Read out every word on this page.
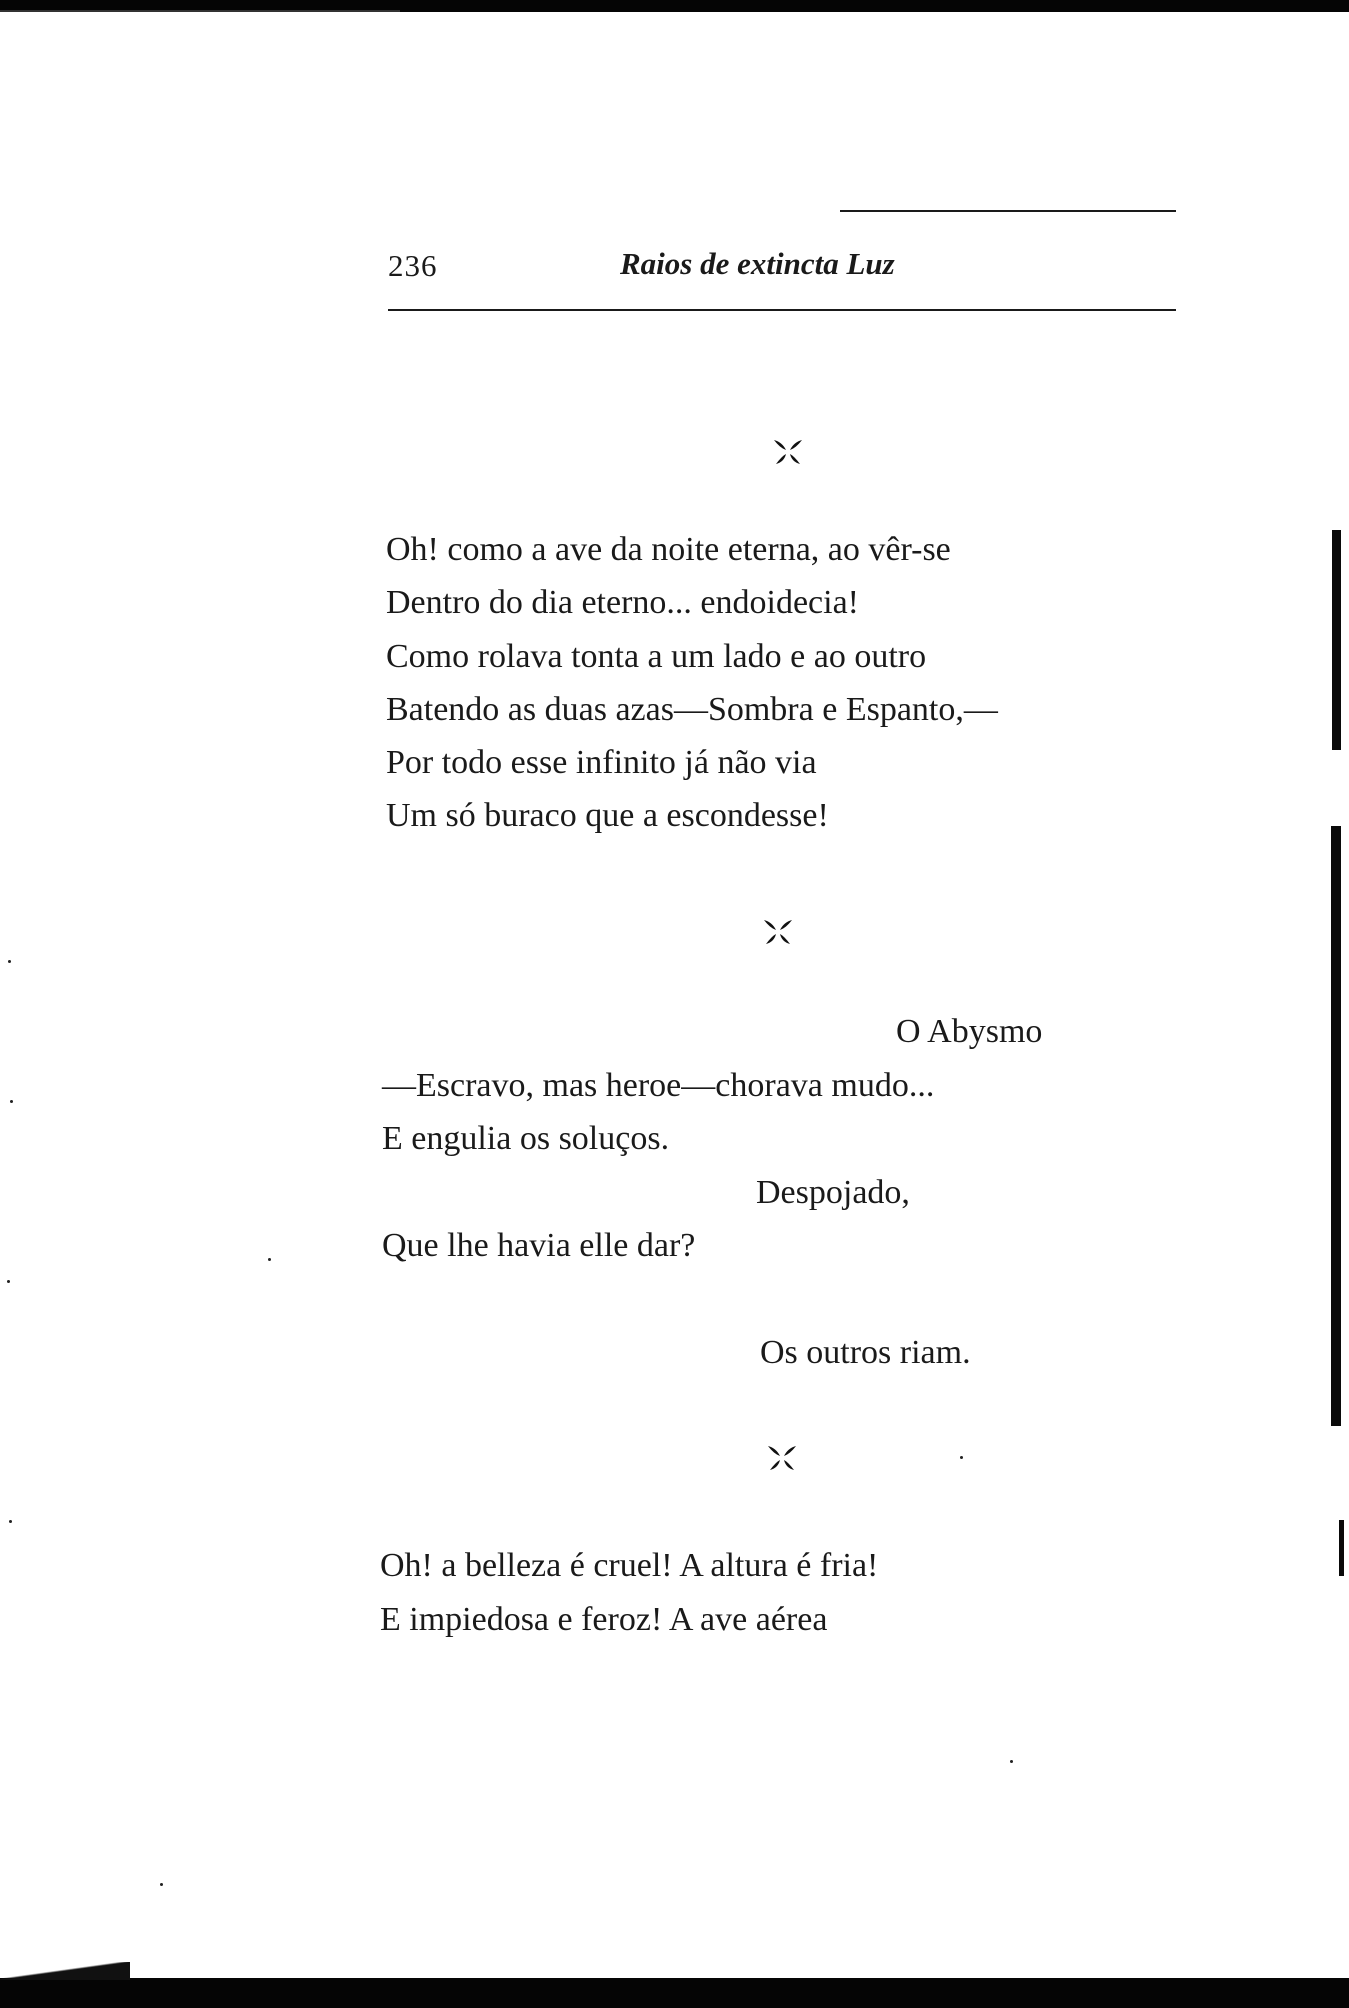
236	Raios de extincta Luz
Oh! como a ave da noite eterna, ao vêr-se
Dentro do dia eterno... endoidecia!
Como rolava tonta a um lado e ao outro
Batendo as duas azas—Sombra e Espanto,—
Por todo esse infinito já não via
Um só buraco que a escondesse!
O Abysmo
—Escravo, mas heroe—chorava mudo...
E engulia os soluços.
Despojado,
Que lhe havia elle dar?
Os outros riam.
Oh! a belleza é cruel! A altura é fria!
E impiedosa e feroz! A ave aérea
